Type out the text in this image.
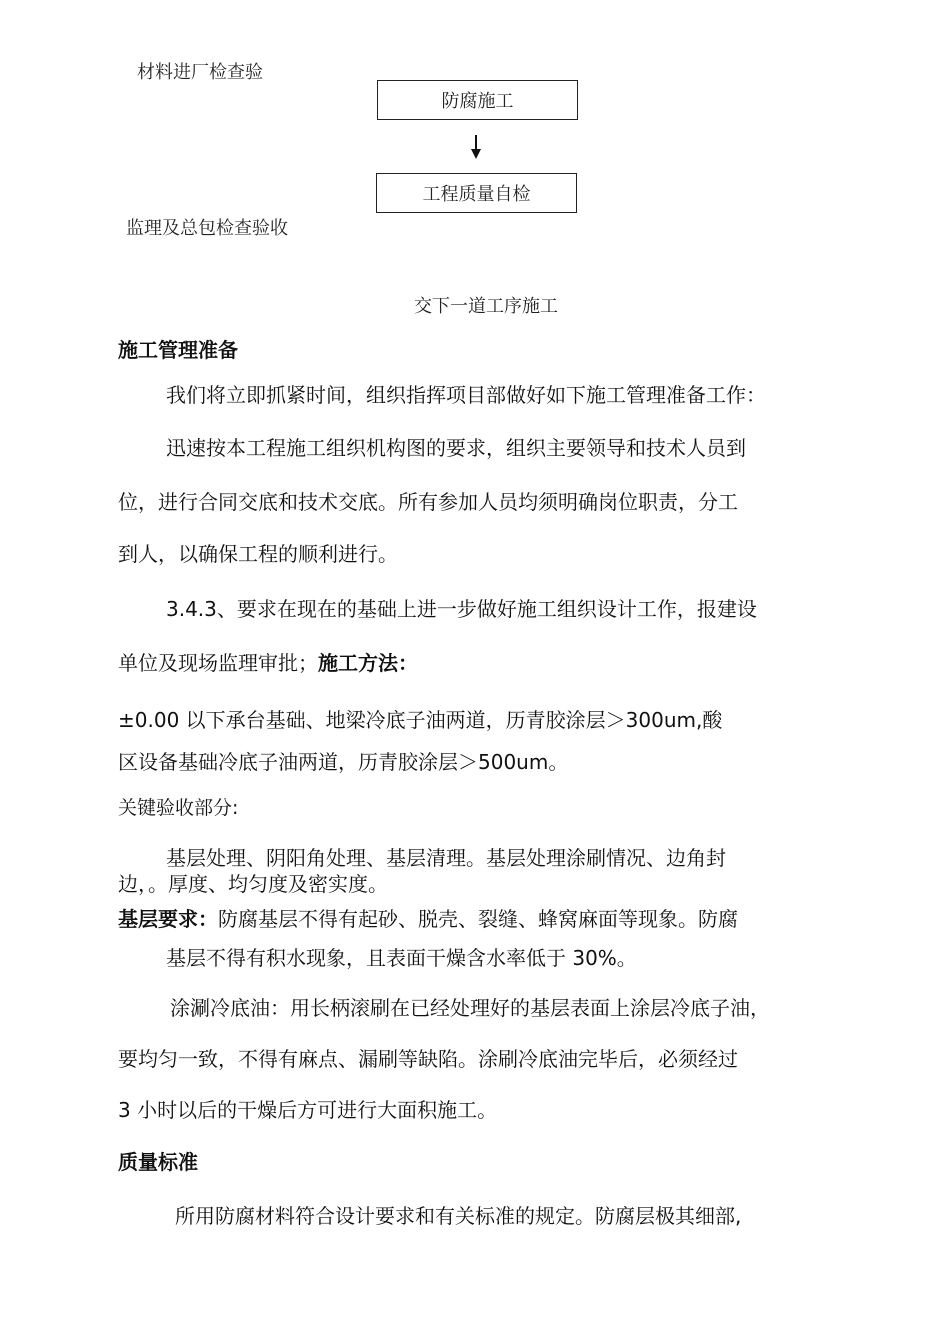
材料进厂检查验
防腐施工
工程质量自检
监理及总包检查验收
交下一道工序施工
施工管理准备
我们将立即抓紧时间，组织指挥项目部做好如下施工管理准备工作：
迅速按本工程施工组织机构图的要求，组织主要领导和技术人员到
位，进行合同交底和技术交底。所有参加人员均须明确岗位职责，分工
到人，以确保工程的顺利进行。
3.4.3、要求在现在的基础上进一步做好施工组织设计工作，报建设
单位及现场监理审批；施工方法：
±0.00 以下承台基础、地梁冷底子油两道，历青胶涂层＞300um,酸
区设备基础冷底子油两道，历青胶涂层＞500um。
关键验收部分:
基层处理、阴阳角处理、基层清理。基层处理涂刷情况、边角封
边，。厚度、均匀度及密实度。
基层要求：防腐基层不得有起砂、脱壳、裂缝、蜂窝麻面等现象。防腐
基层不得有积水现象，且表面干燥含水率低于 30%。
涂涮冷底油：用长柄滚刷在已经处理好的基层表面上涂层冷底子油，
要均匀一致，不得有麻点、漏刷等缺陷。涂刷冷底油完毕后，必须经过
3 小时以后的干燥后方可进行大面积施工。
质量标准
所用防腐材料符合设计要求和有关标准的规定。防腐层极其细部,
